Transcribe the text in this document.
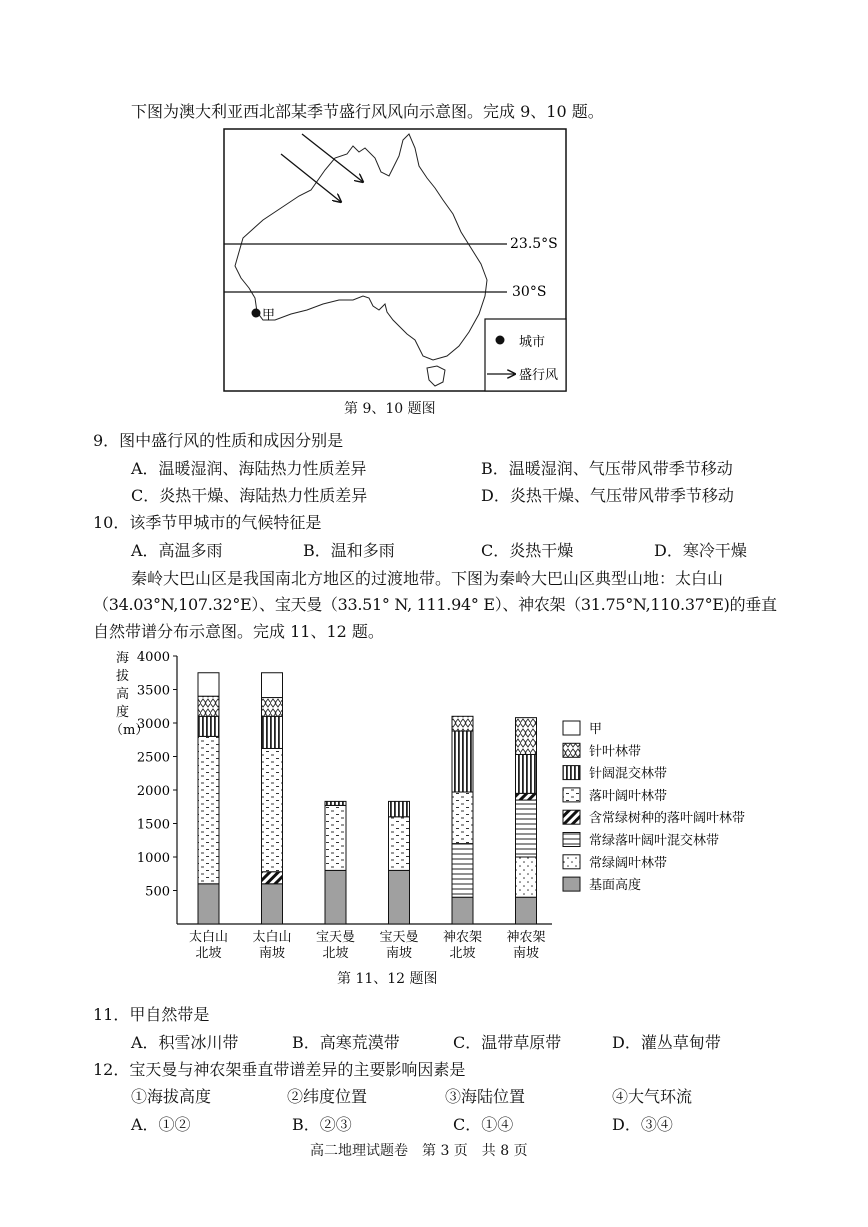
下图为澳大利亚西北部某季节盛行风风向示意图。完成 9、10 题。
23.5°S
30°S
甲
城市
盛行风
第 9、10 题图
9．图中盛行风的性质和成因分别是
A．温暖湿润、海陆热力性质差异	B．温暖湿润、气压带风带季节移动
C．炎热干燥、海陆热力性质差异	D．炎热干燥、气压带风带季节移动
10．该季节甲城市的气候特征是
A．高温多雨	B．温和多雨	C．炎热干燥	D．寒冷干燥
秦岭大巴山区是我国南北方地区的过渡地带。下图为秦岭大巴山区典型山地：太白山
（34.03°N,107.32°E）、宝天曼（33.51° N, 111.94° E）、神农架（31.75°N,110.37°E)的垂直
自然带谱分布示意图。完成 11、12 题。
海 拔 高 度 （m）
500
1000
1500
2000
2500
3000
3500
4000
太白山
北坡
太白山
南坡
宝天曼
北坡
宝天曼
南坡
神农架
北坡
神农架
南坡
甲
针叶林带
针阔混交林带
落叶阔叶林带
含常绿树种的落叶阔叶林带
常绿落叶阔叶混交林带
常绿阔叶林带
基面高度
第 11、12 题图
11．甲自然带是
A．积雪冰川带	B．高寒荒漠带	C．温带草原带	D．灌丛草甸带
12．宝天曼与神农架垂直带谱差异的主要影响因素是
①海拔高度	②纬度位置	③海陆位置	④大气环流
A．①②	B．②③	C．①④	D．③④
高二地理试题卷　第 3 页　共 8 页
